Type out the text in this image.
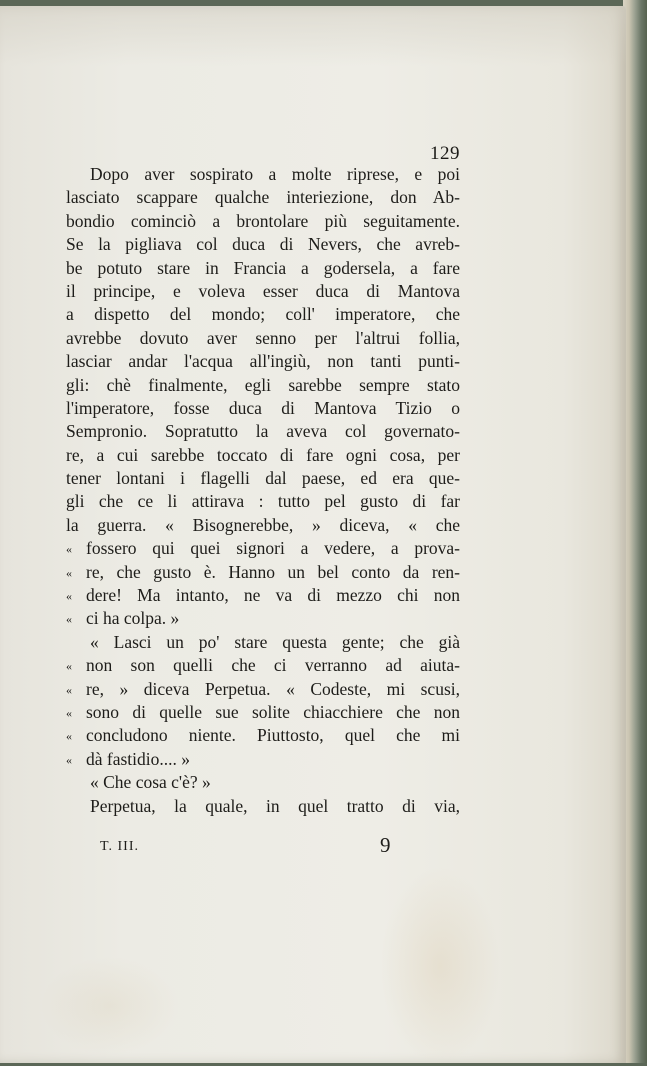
129
Dopo aver sospirato a molte riprese, e poi
lasciato scappare qualche interiezione, don Ab-
bondio cominciò a brontolare più seguitamente.
Se la pigliava col duca di Nevers, che avreb-
be potuto stare in Francia a godersela, a fare
il principe, e voleva esser duca di Mantova
a dispetto del mondo; coll' imperatore, che
avrebbe dovuto aver senno per l'altrui follia,
lasciar andar l'acqua all'ingiù, non tanti punti-
gli: chè finalmente, egli sarebbe sempre stato
l'imperatore, fosse duca di Mantova Tizio o
Sempronio. Sopratutto la aveva col governato-
re, a cui sarebbe toccato di fare ogni cosa, per
tener lontani i flagelli dal paese, ed era que-
gli che ce li attirava : tutto pel gusto di far
la guerra. « Bisognerebbe, » diceva, « che
« fossero qui quei signori a vedere, a prova-
« re, che gusto è. Hanno un bel conto da ren-
« dere! Ma intanto, ne va di mezzo chi non
« ci ha colpa. »
« Lasci un po' stare questa gente; che già
« non son quelli che ci verranno ad aiuta-
« re, » diceva Perpetua. « Codeste, mi scusi,
« sono di quelle sue solite chiacchiere che non
« concludono niente. Piuttosto, quel che mi
« dà fastidio.... »
« Che cosa c'è? »
Perpetua, la quale, in quel tratto di via,
T. III.	9
